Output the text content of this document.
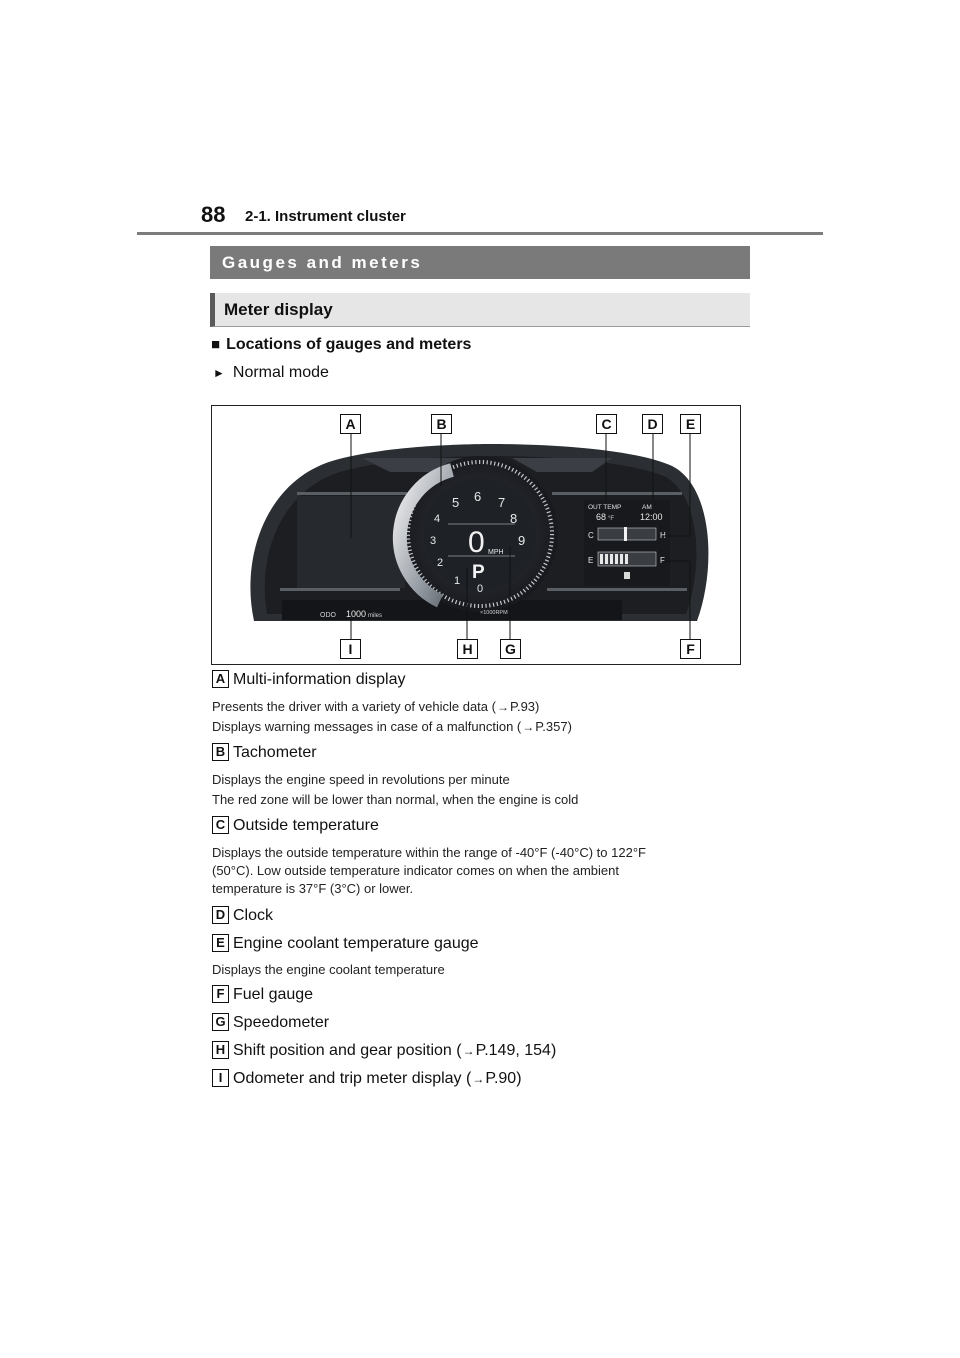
88 2-1. Instrument cluster
Gauges and meters
Meter display
■ Locations of gauges and meters
► Normal mode
ODO 1000 miles
0
1
2
3
4
5 6 7
8
9
0 MPH
P
×1000RPM
OUT TEMP
68 °F
AM
12:00
C	H
E	F
A	B	C	D	E
I	H	G	F
A Multi-information display
Presents the driver with a variety of vehicle data (→P.93)
Displays warning messages in case of a malfunction (→P.357)
B Tachometer
Displays the engine speed in revolutions per minute
The red zone will be lower than normal, when the engine is cold
C Outside temperature
Displays the outside temperature within the range of -40°F (-40°C) to 122°F
(50°C). Low outside temperature indicator comes on when the ambient
temperature is 37°F (3°C) or lower.
D Clock
E Engine coolant temperature gauge
Displays the engine coolant temperature
F Fuel gauge
G Speedometer
H Shift position and gear position (→P.149, 154)
I Odometer and trip meter display (→P.90)
